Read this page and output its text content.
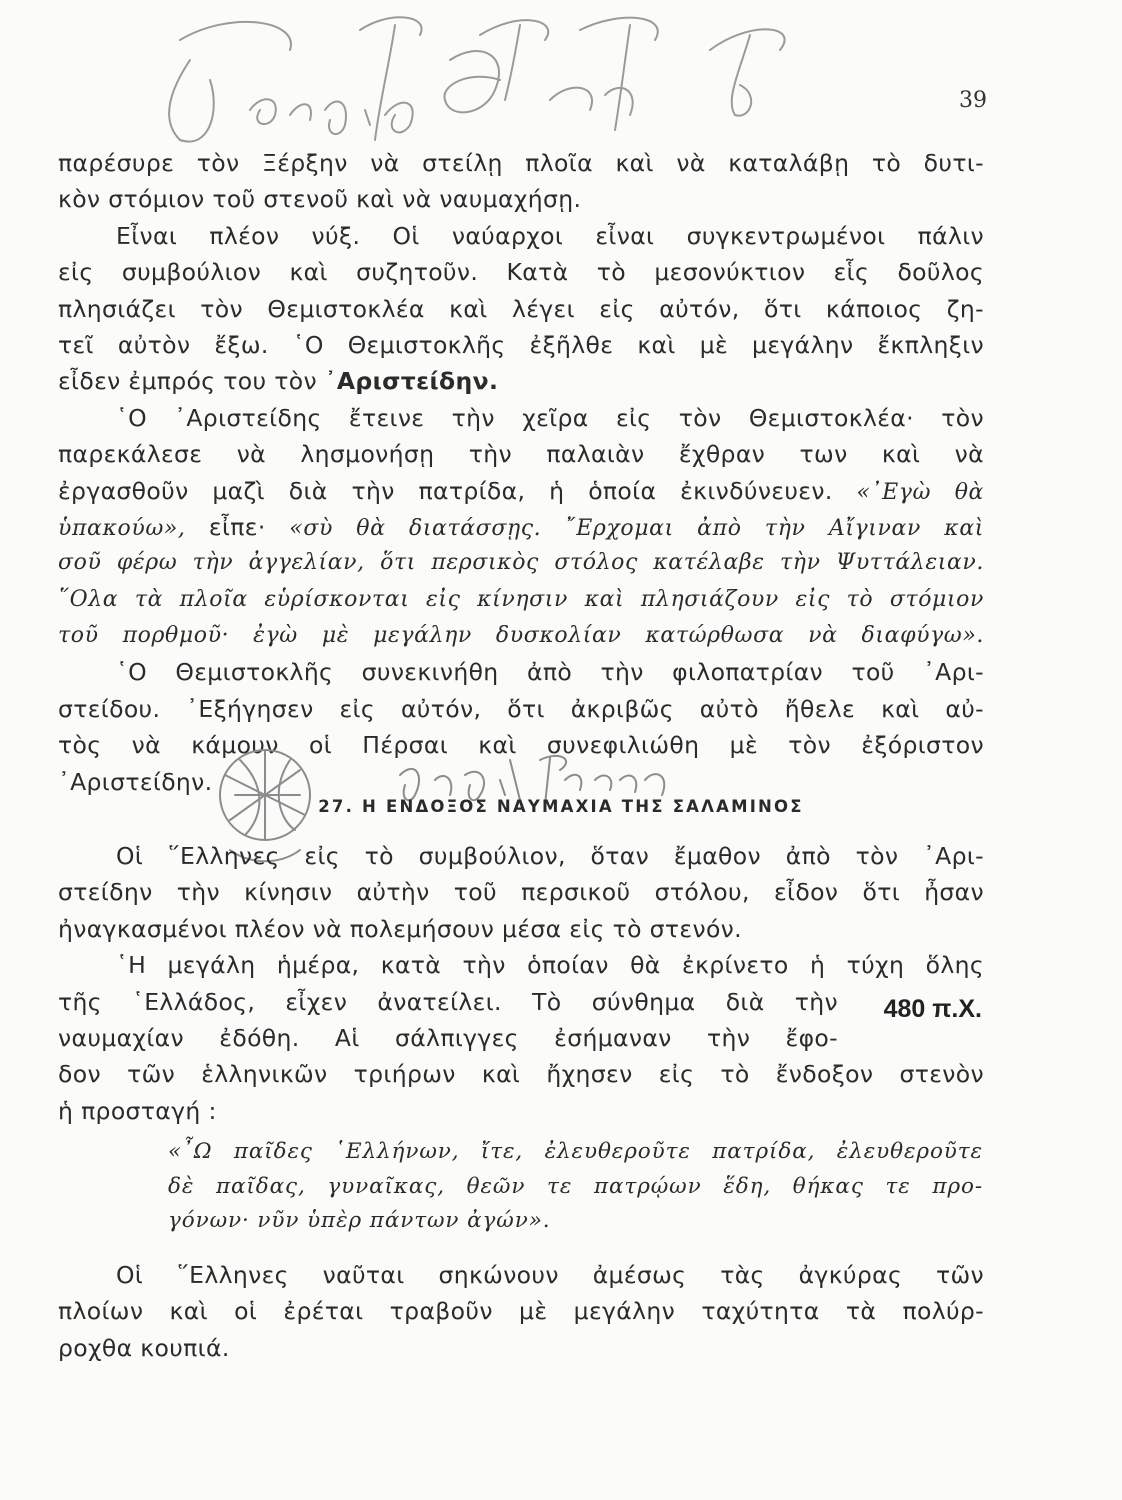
39
παρέσυρε τὸν Ξέρξην νὰ στείλῃ πλοῖα καὶ νὰ καταλάβῃ τὸ δυτι-
κὸν στόμιον τοῦ στενοῦ καὶ νὰ ναυμαχήσῃ.
Εἶναι πλέον νύξ. Οἱ ναύαρχοι εἶναι συγκεντρωμένοι πάλιν
εἰς συμβούλιον καὶ συζητοῦν. Κατὰ τὸ μεσονύκτιον εἷς δοῦλος
πλησιάζει τὸν Θεμιστοκλέα καὶ λέγει εἰς αὐτόν, ὅτι κάποιος ζη-
τεῖ αὐτὸν ἔξω. ῾Ο Θεμιστοκλῆς ἐξῆλθε καὶ μὲ μεγάλην ἔκπληξιν
εἶδεν ἐμπρός του τὸν ᾿Αριστείδην.
῾Ο ᾿Αριστείδης ἔτεινε τὴν χεῖρα εἰς τὸν Θεμιστοκλέα· τὸν
παρεκάλεσε νὰ λησμονήσῃ τὴν παλαιὰν ἔχθραν των καὶ νὰ
ἐργασθοῦν μαζὶ διὰ τὴν πατρίδα, ἡ ὁποία ἐκινδύνευεν. «᾿Εγὼ θὰ
ὑπακούω», εἶπε· «σὺ θὰ διατάσσῃς. ῎Ερχομαι ἀπὸ τὴν Αἴγιναν καὶ
σοῦ φέρω τὴν ἀγγελίαν, ὅτι περσικὸς στόλος κατέλαβε τὴν Ψυττάλειαν.
῞Ολα τὰ πλοῖα εὑρίσκονται εἰς κίνησιν καὶ πλησιάζουν εἰς τὸ στόμιον
τοῦ πορθμοῦ· ἐγὼ μὲ μεγάλην δυσκολίαν κατώρθωσα νὰ διαφύγω».
῾Ο Θεμιστοκλῆς συνεκινήθη ἀπὸ τὴν φιλοπατρίαν τοῦ ᾿Αρι-
στείδου. ᾿Εξήγησεν εἰς αὐτόν, ὅτι ἀκριβῶς αὐτὸ ἤθελε καὶ αὐ-
τὸς νὰ κάμουν οἱ Πέρσαι καὶ συνεφιλιώθη μὲ τὸν ἐξόριστον
᾿Αριστείδην.
27. Η ΕΝΔΟΞΟΣ ΝΑΥΜΑΧΙΑ ΤΗΣ ΣΑΛΑΜΙΝΟΣ
Οἱ ῞Ελληνες εἰς τὸ συμβούλιον, ὅταν ἔμαθον ἀπὸ τὸν ᾿Αρι-
στείδην τὴν κίνησιν αὐτὴν τοῦ περσικοῦ στόλου, εἶδον ὅτι ἦσαν
ἠναγκασμένοι πλέον νὰ πολεμήσουν μέσα εἰς τὸ στενόν.
῾Η μεγάλη ἡμέρα, κατὰ τὴν ὁποίαν θὰ ἐκρίνετο ἡ τύχη ὅλης
τῆς ῾Ελλάδος, εἶχεν ἀνατείλει. Τὸ σύνθημα διὰ τὴν
ναυμαχίαν ἐδόθη. Αἱ σάλπιγγες ἐσήμαναν τὴν ἔφο-
δον τῶν ἑλληνικῶν τριήρων καὶ ἤχησεν εἰς τὸ ἔνδοξον στενὸν
ἡ προσταγή :
480 π.Χ.
«῏Ω παῖδες ῾Ελλήνων, ἴτε, ἐλευθεροῦτε πατρίδα, ἐλευθεροῦτε
δὲ παῖδας, γυναῖκας, θεῶν τε πατρῴων ἕδη, θήκας τε προ-
γόνων· νῦν ὑπὲρ πάντων ἀγών».
Οἱ ῞Ελληνες ναῦται σηκώνουν ἀμέσως τὰς ἀγκύρας τῶν
πλοίων καὶ οἱ ἐρέται τραβοῦν μὲ μεγάλην ταχύτητα τὰ πολύρ-
ροχθα κουπιά.
